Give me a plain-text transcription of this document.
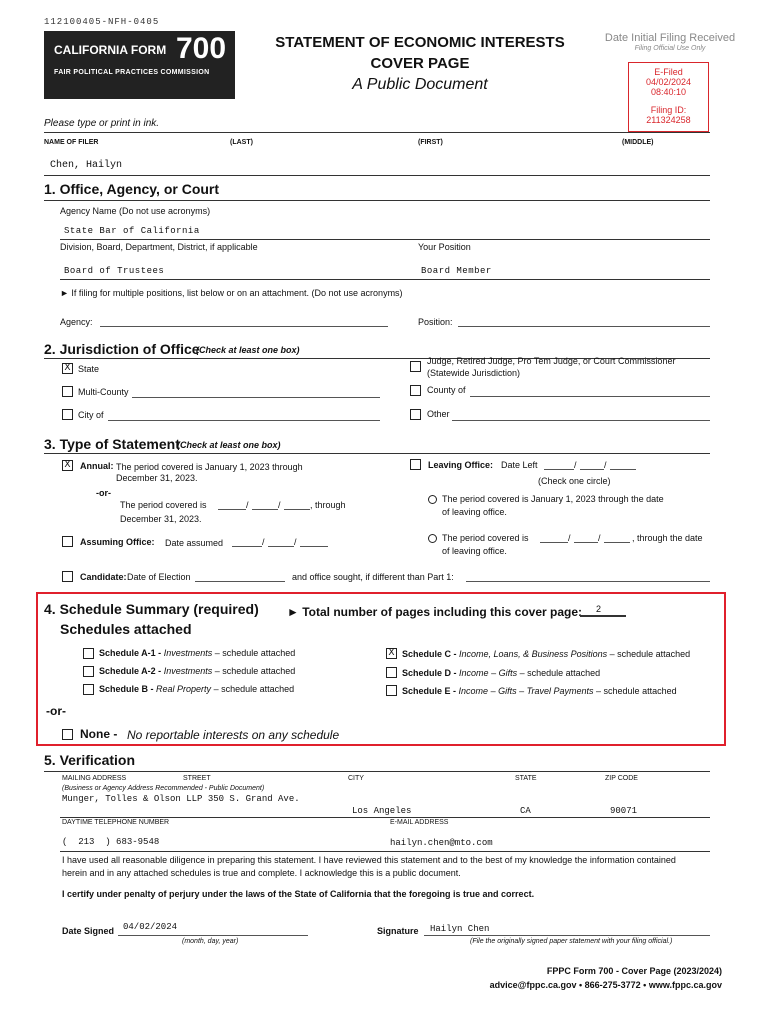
112100405-NFH-0405
CALIFORNIA FORM 700
FAIR POLITICAL PRACTICES COMMISSION
STATEMENT OF ECONOMIC INTERESTS
COVER PAGE
A Public Document
Date Initial Filing Received
Filing Official Use Only
E-Filed
04/02/2024
08:40:10
Filing ID:
211324258
Please type or print in ink.
NAME OF FILER	(LAST)	(FIRST)	(MIDDLE)
Chen, Hailyn
1. Office, Agency, or Court
Agency Name (Do not use acronyms)
State Bar of California
Division, Board, Department, District, if applicable	Your Position
Board of Trustees	Board Member
► If filing for multiple positions, list below or on an attachment. (Do not use acronyms)
Agency:	Position:
2. Jurisdiction of Office
(Check at least one box)
X State
Judge, Retired Judge, Pro Tem Judge, or Court Commissioner
(Statewide Jurisdiction)
Multi-County	County of
City of	Other
3. Type of Statement
(Check at least one box)
X Annual: The period covered is January 1, 2023 through
December 31, 2023.
-or-
The period covered is	/	/	, through
December 31, 2023.
Leaving Office: Date Left	/	/
(Check one circle)
The period covered is January 1, 2023 through the date
of leaving office.
The period covered is	/	/	, through the date
of leaving office.
Assuming Office: Date assumed	/	/
Candidate: Date of Election	and office sought, if different than Part 1:
4. Schedule Summary (required) ► Total number of pages including this cover page: 2
Schedules attached
Schedule A-1 - Investments – schedule attached
Schedule A-2 - Investments – schedule attached
Schedule B - Real Property – schedule attached
X Schedule C - Income, Loans, & Business Positions – schedule attached
Schedule D - Income – Gifts – schedule attached
Schedule E - Income – Gifts – Travel Payments – schedule attached
-or-
None - No reportable interests on any schedule
5. Verification
MAILING ADDRESS	STREET	CITY	STATE	ZIP CODE
(Business or Agency Address Recommended - Public Document)
Munger, Tolles & Olson LLP 350 S. Grand Ave.
Los Angeles	CA	90071
DAYTIME TELEPHONE NUMBER	E-MAIL ADDRESS
( 213 ) 683-9548	hailyn.chen@mto.com
I have used all reasonable diligence in preparing this statement. I have reviewed this statement and to the best of my knowledge the information contained
herein and in any attached schedules is true and complete. I acknowledge this is a public document.
I certify under penalty of perjury under the laws of the State of California that the foregoing is true and correct.
Date Signed 04/02/2024
(month, day, year)
Signature Hailyn Chen
(File the originally signed paper statement with your filing official.)
FPPC Form 700 - Cover Page (2023/2024)
advice@fppc.ca.gov • 866-275-3772 • www.fppc.ca.gov
